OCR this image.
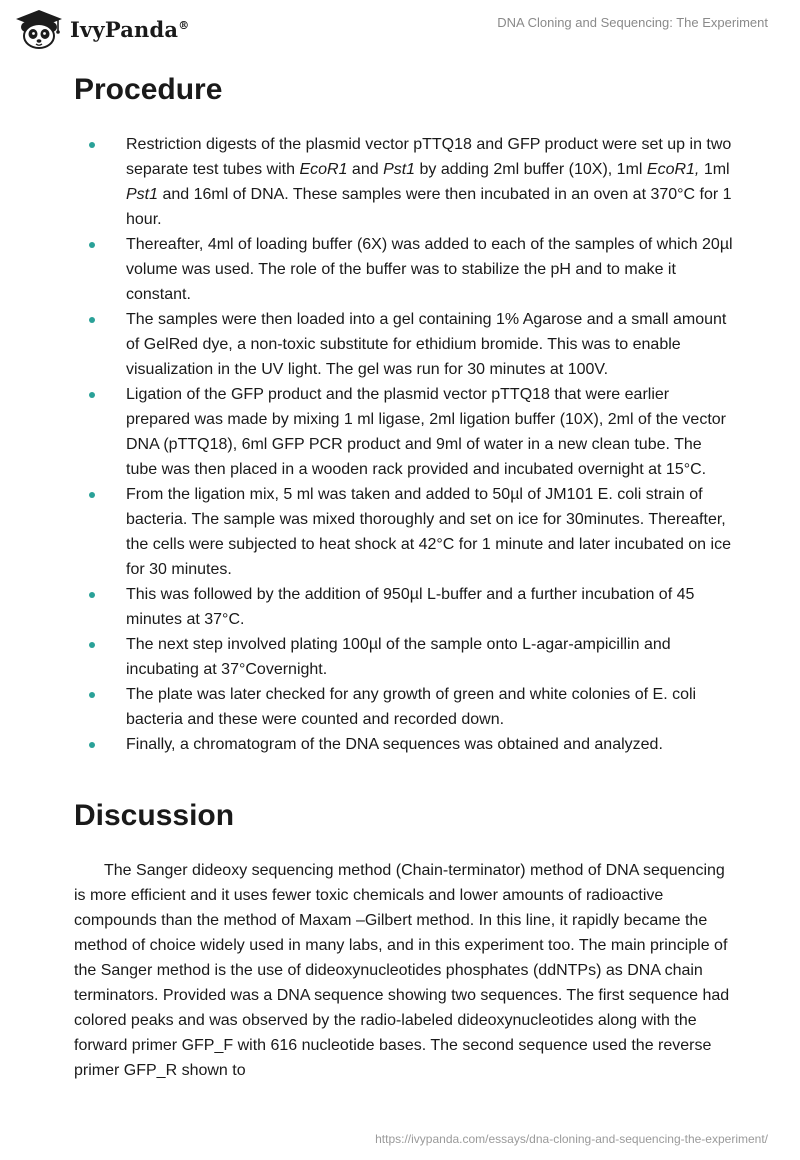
IvyPanda®	DNA Cloning and Sequencing: The Experiment
Procedure
Restriction digests of the plasmid vector pTTQ18 and GFP product were set up in two separate test tubes with EcoR1 and Pst1 by adding 2ml buffer (10X), 1ml EcoR1, 1ml Pst1 and 16ml of DNA. These samples were then incubated in an oven at 370°C for 1 hour.
Thereafter, 4ml of loading buffer (6X) was added to each of the samples of which 20µl volume was used. The role of the buffer was to stabilize the pH and to make it constant.
The samples were then loaded into a gel containing 1% Agarose and a small amount of GelRed dye, a non-toxic substitute for ethidium bromide. This was to enable visualization in the UV light. The gel was run for 30 minutes at 100V.
Ligation of the GFP product and the plasmid vector pTTQ18 that were earlier prepared was made by mixing 1 ml ligase, 2ml ligation buffer (10X), 2ml of the vector DNA (pTTQ18), 6ml GFP PCR product and 9ml of water in a new clean tube. The tube was then placed in a wooden rack provided and incubated overnight at 15°C.
From the ligation mix, 5 ml was taken and added to 50µl of JM101 E. coli strain of bacteria. The sample was mixed thoroughly and set on ice for 30minutes. Thereafter, the cells were subjected to heat shock at 42°C for 1 minute and later incubated on ice for 30 minutes.
This was followed by the addition of 950µl L-buffer and a further incubation of 45 minutes at 37°C.
The next step involved plating 100µl of the sample onto L-agar-ampicillin and incubating at 37°Covernight.
The plate was later checked for any growth of green and white colonies of E. coli bacteria and these were counted and recorded down.
Finally, a chromatogram of the DNA sequences was obtained and analyzed.
Discussion

The Sanger dideoxy sequencing method (Chain-terminator) method of DNA sequencing is more efficient and it uses fewer toxic chemicals and lower amounts of radioactive compounds than the method of Maxam –Gilbert method. In this line, it rapidly became the method of choice widely used in many labs, and in this experiment too. The main principle of the Sanger method is the use of dideoxynucleotides phosphates (ddNTPs) as DNA chain terminators. Provided was a DNA sequence showing two sequences. The first sequence had colored peaks and was observed by the radio-labeled dideoxynucleotides along with the forward primer GFP_F with 616 nucleotide bases. The second sequence used the reverse primer GFP_R shown to

https://ivypanda.com/essays/dna-cloning-and-sequencing-the-experiment/
